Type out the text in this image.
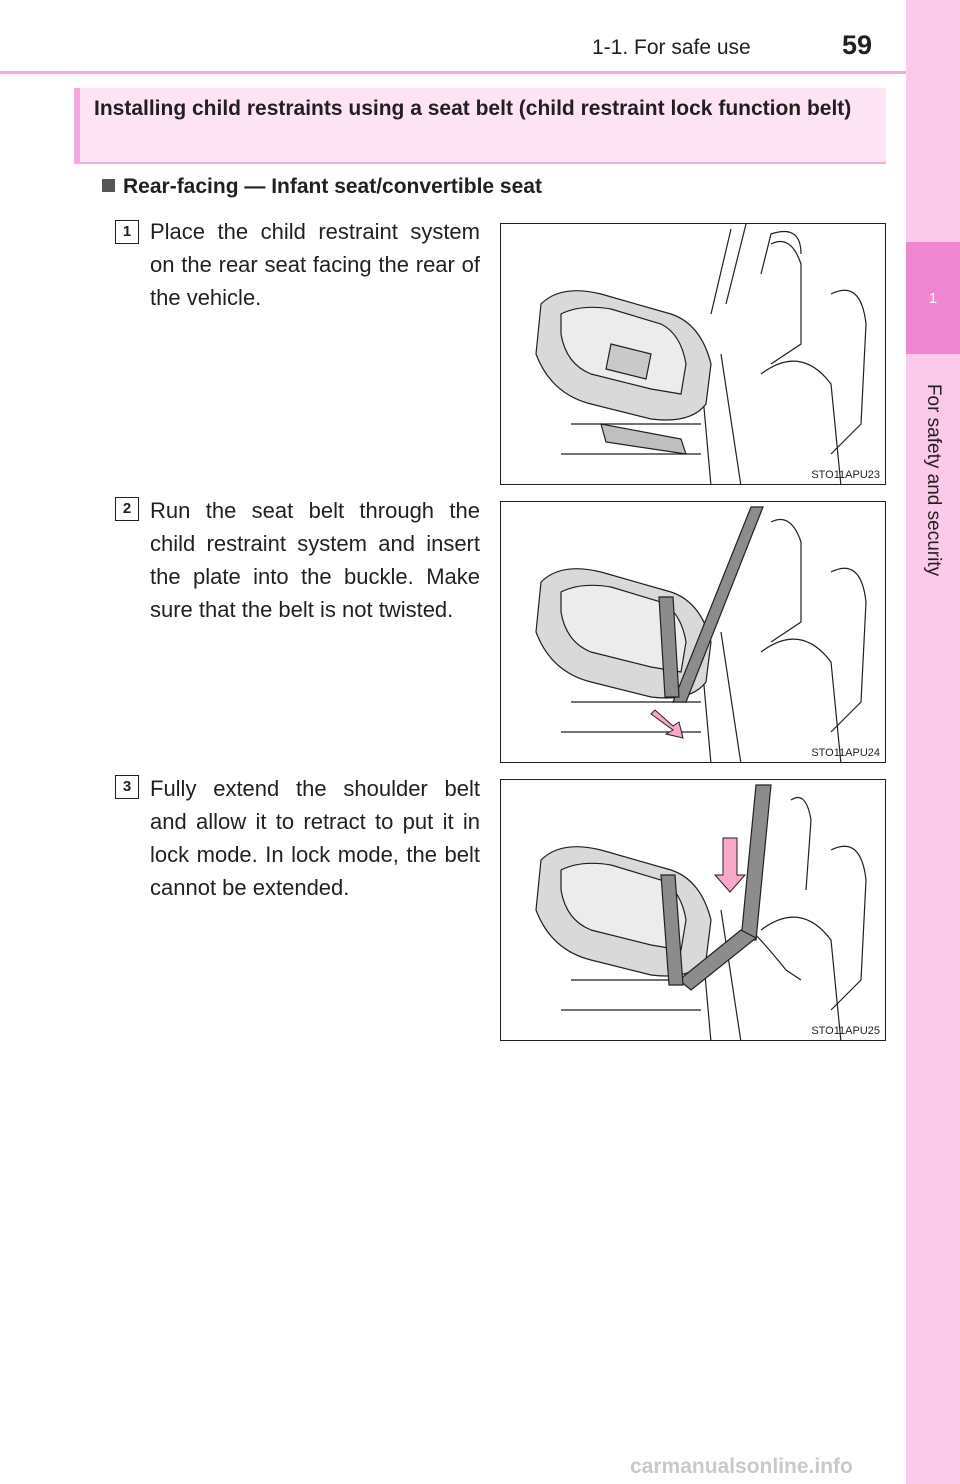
1
For safety and security
1-1. For safe use	59
Installing child restraints using a seat belt (child restraint lock function belt)
Rear-facing — Infant seat/convertible seat
1 Place the child restraint system on the rear seat facing the rear of the vehicle.
STO11APU23
2 Run the seat belt through the child restraint system and insert the plate into the buckle. Make sure that the belt is not twisted.
STO11APU24
3 Fully extend the shoulder belt and allow it to retract to put it in lock mode. In lock mode, the belt cannot be extended.
STO11APU25
carmanualsonline.info
